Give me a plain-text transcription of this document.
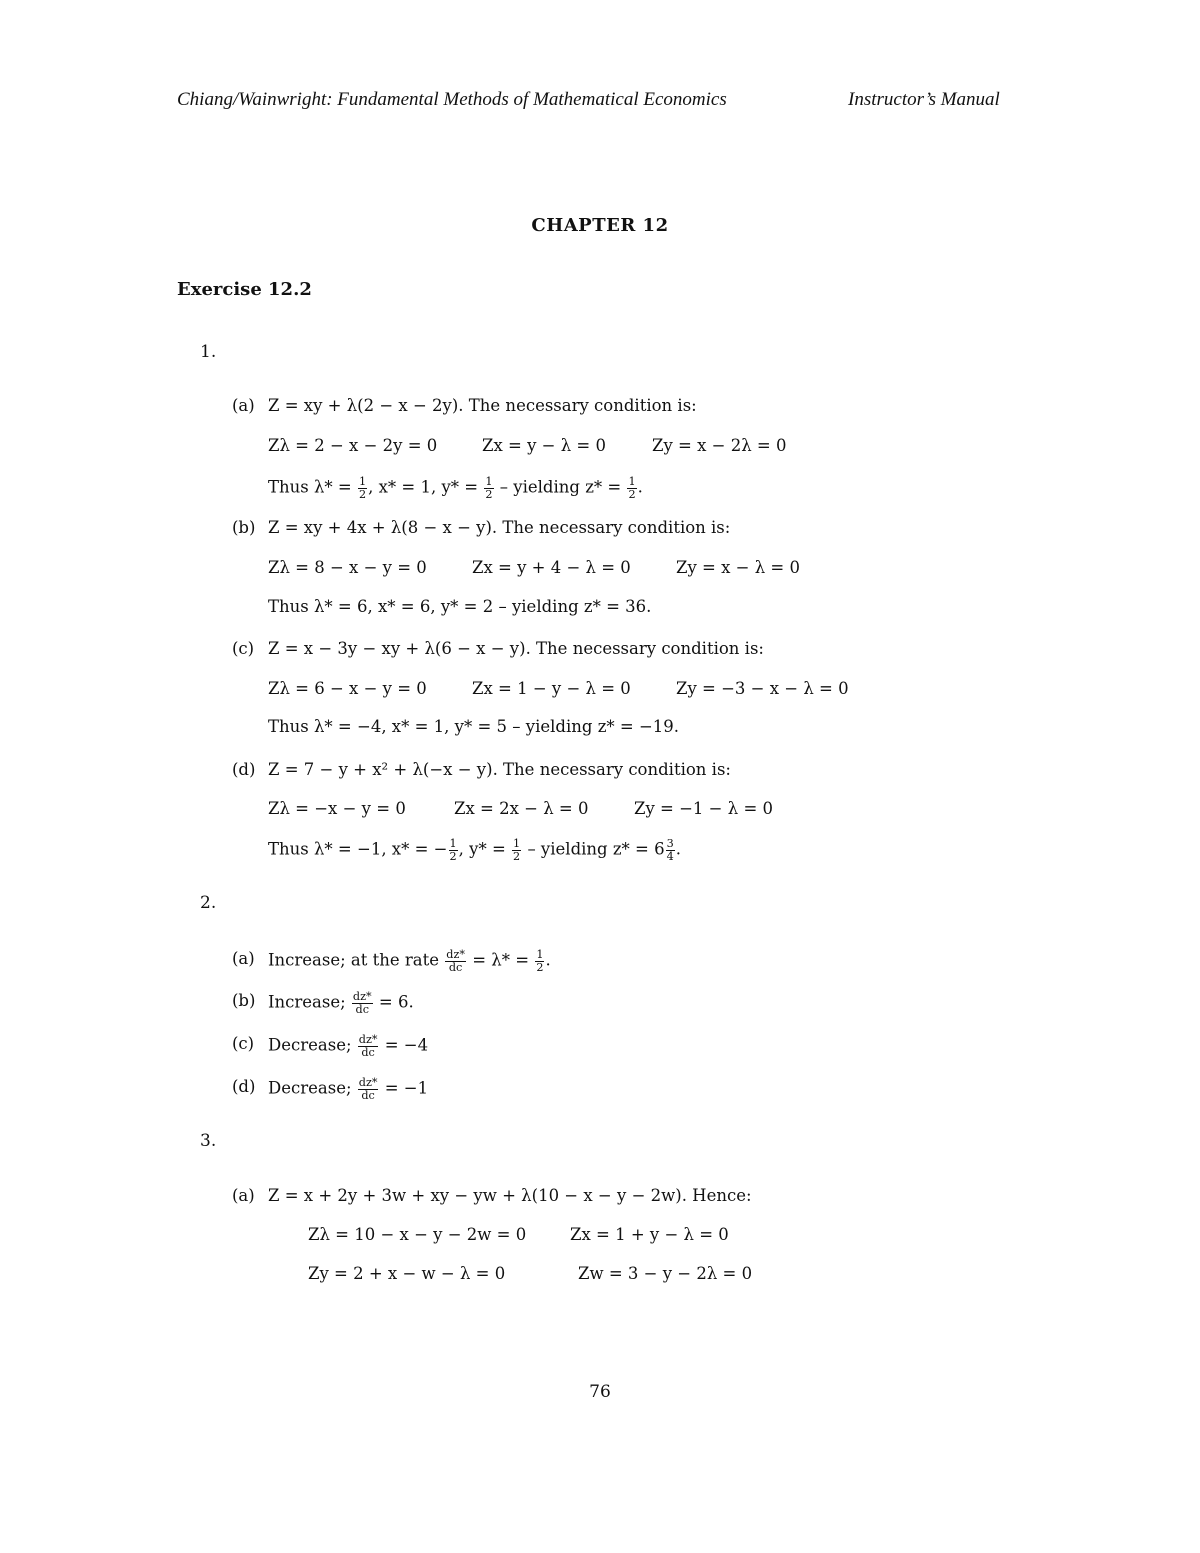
Chiang/Wainwright: Fundamental Methods of Mathematical Economics	Instructor’s Manual
CHAPTER 12
Exercise 12.2
1.
(a) Z = xy + λ(2 − x − 2y). The necessary condition is:
Zλ = 2 − x − 2y = 0	Zx = y − λ = 0	Zy = x − 2λ = 0
Thus $\lambda* = \frac{1}{2}$ , x* = 1, $y* = \frac{1}{2}$ – yielding $z* = \frac{1}{2}$ .
(b) Z = xy + 4x + λ(8 − x − y). The necessary condition is:
Zλ = 8 − x − y = 0	Zx = y + 4 − λ = 0	Zy = x − λ = 0
Thus λ* = 6, x* = 6, y* = 2 – yielding z* = 36.
(c) Z = x − 3y − xy + λ(6 − x − y). The necessary condition is:
Zλ = 6 − x − y = 0	Zx = 1 − y − λ = 0	Zy = −3 − x − λ = 0
Thus λ* = −4, x* = 1, y* = 5 – yielding z* = −19.
(d) Z = 7 − y + x² + λ(−x − y). The necessary condition is:
Zλ = −x − y = 0	Zx = 2x − λ = 0	Zy = −1 − λ = 0
Thus λ* = −1, x* = − $\frac{1}{2}$ , $y* = \frac{1}{2}$ – yielding $z* = 6 \frac{3}{4}$ .
2.
(a) Increase; at the rate $\frac{dz*}{dc} = \lambda* = \frac{1}{2}$ .
(b) Increase; $\frac{dz*}{dc} = 6$.
(c) Decrease; $\frac{dz*}{dc} = -4$
(d) Decrease; $\frac{dz*}{dc} = -1$
3.
(a) Z = x + 2y + 3w + xy − yw + λ(10 − x − y − 2w). Hence:
Zλ = 10 − x − y − 2w = 0	Zx = 1 + y − λ = 0
Zy = 2 + x − w − λ = 0	Zw = 3 − y − 2λ = 0
76
